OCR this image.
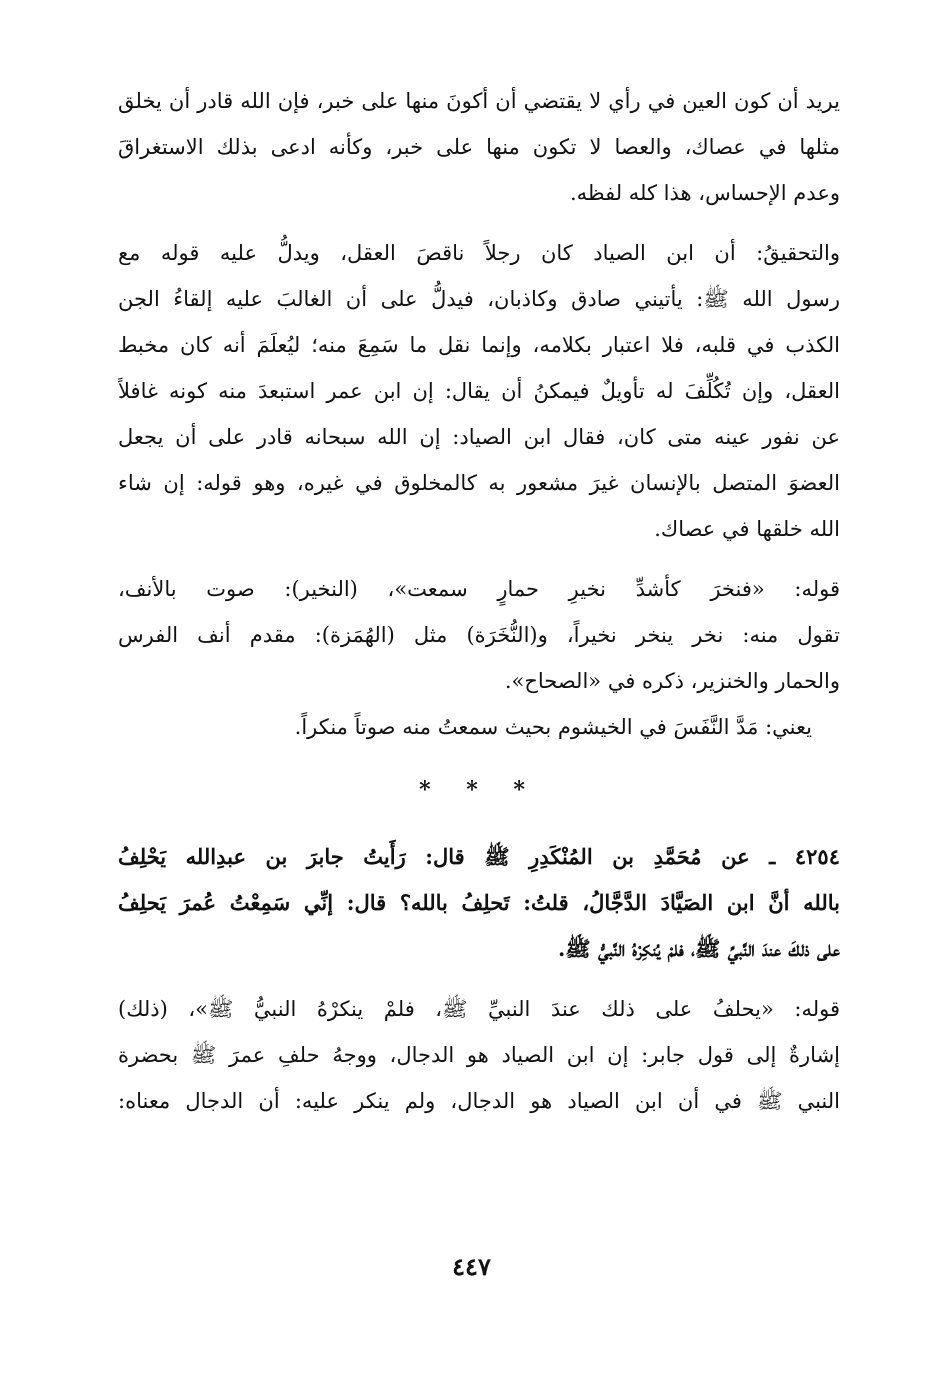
يريد أن كون العين في رأي لا يقتضي أن أكونَ منها على خبر، فإن الله قادر أن يخلق
مثلها في عصاك، والعصا لا تكون منها على خبر، وكأنه ادعى بذلك الاستغراقَ
وعدم الإحساس، هذا كله لفظه.
والتحقيقُ: أن ابن الصياد كان رجلاً ناقصَ العقل، ويدلُّ عليه قوله مع
رسول الله ﷺ: يأتيني صادق وكاذبان، فيدلُّ على أن الغالبَ عليه إلقاءُ الجن
الكذب في قلبه، فلا اعتبار بكلامه، وإنما نقل ما سَمِعَ منه؛ ليُعلَمَ أنه كان مخبط
العقل، وإن تُكُلِّفَ له تأويلٌ فيمكنُ أن يقال: إن ابن عمر استبعدَ منه كونه غافلاً
عن نفور عينه متى كان، فقال ابن الصياد: إن الله سبحانه قادر على أن يجعل
العضوَ المتصل بالإنسان غيرَ مشعور به كالمخلوق في غيره، وهو قوله: إن شاء
الله خلقها في عصاك.
قوله: «فنخرَ كأشدِّ نخيرِ حمارٍ سمعت»، (النخير): صوت بالأنف،
تقول منه: نخر ينخر نخيراً، و(النُّخَرَة) مثل (الهُمَزة): مقدم أنف الفرس
والحمار والخنزير، ذكره في «الصحاح».
يعني: مَدَّ النَّفَسَ في الخيشوم بحيث سمعتُ منه صوتاً منكراً.
* * *
٤٢٥٤ ـ عن مُحَمَّدِ بن المُنْكَدِرِ ﷺ قال: رَأَيتُ جابرَ بن عبدِالله يَحْلِفُ
بالله أنَّ ابن الصَيَّادَ الدَّجَّالُ، قلتُ: تَحلِفُ بالله؟ قال: إنِّي سَمِعْتُ عُمرَ يَحلِفُ
على ذلكَ عندَ النَّبيِّ ﷺ، فلمْ يُنكِرْهُ النَّبيُّ ﷺ.
قوله: «يحلفُ على ذلك عندَ النبيِّ ﷺ، فلمْ ينكرْهُ النبيُّ ﷺ»، (ذلك)
إشارةٌ إلى قول جابر: إن ابن الصياد هو الدجال، ووجهُ حلفِ عمرَ ﷺ بحضرة
النبي ﷺ في أن ابن الصياد هو الدجال، ولم ينكر عليه: أن الدجال معناه:
٤٤٧
